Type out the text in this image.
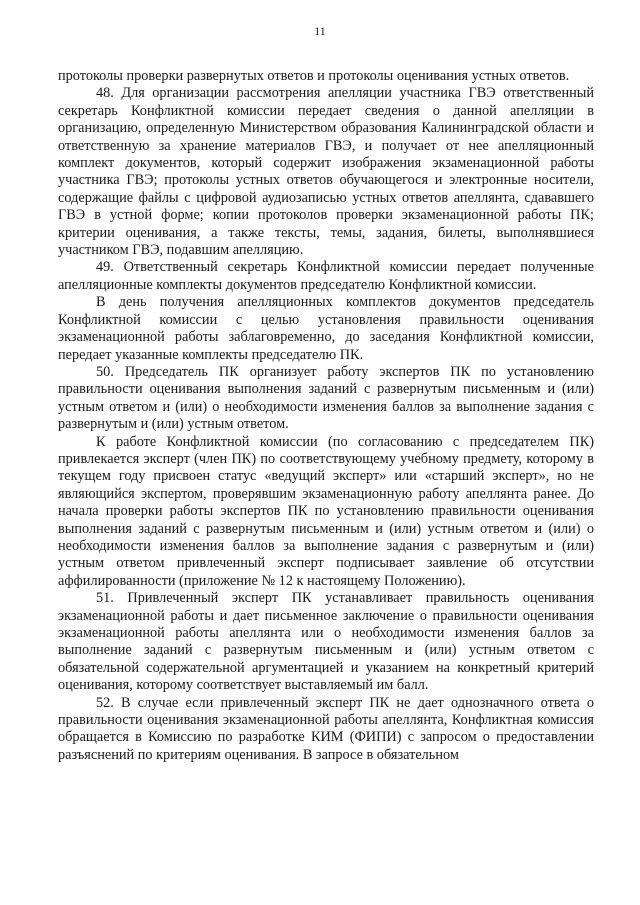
11

протоколы проверки развернутых ответов и протоколы оценивания устных ответов.

48. Для организации рассмотрения апелляции участника ГВЭ ответственный секретарь Конфликтной комиссии передает сведения о данной апелляции в организацию, определенную Министерством образования Калининградской области и ответственную за хранение материалов ГВЭ, и получает от нее апелляционный комплект документов, который содержит изображения экзаменационной работы участника ГВЭ; протоколы устных ответов обучающегося и электронные носители, содержащие файлы с цифровой аудиозаписью устных ответов апеллянта, сдававшего ГВЭ в устной форме; копии протоколов проверки экзаменационной работы ПК; критерии оценивания, а также тексты, темы, задания, билеты, выполнявшиеся участником ГВЭ, подавшим апелляцию.

49. Ответственный секретарь Конфликтной комиссии передает полученные апелляционные комплекты документов председателю Конфликтной комиссии.

В день получения апелляционных комплектов документов председатель Конфликтной комиссии с целью установления правильности оценивания экзаменационной работы заблаговременно, до заседания Конфликтной комиссии, передает указанные комплекты председателю ПК.

50. Председатель ПК организует работу экспертов ПК по установлению правильности оценивания выполнения заданий с развернутым письменным и (или) устным ответом и (или) о необходимости изменения баллов за выполнение задания с развернутым и (или) устным ответом.

К работе Конфликтной комиссии (по согласованию с председателем ПК) привлекается эксперт (член ПК) по соответствующему учебному предмету, которому в текущем году присвоен статус «ведущий эксперт» или «старший эксперт», но не являющийся экспертом, проверявшим экзаменационную работу апеллянта ранее. До начала проверки работы экспертов ПК по установлению правильности оценивания выполнения заданий с развернутым письменным и (или) устным ответом и (или) о необходимости изменения баллов за выполнение задания с развернутым и (или) устным ответом привлеченный эксперт подписывает заявление об отсутствии аффилированности (приложение № 12 к настоящему Положению).

51. Привлеченный эксперт ПК устанавливает правильность оценивания экзаменационной работы и дает письменное заключение о правильности оценивания экзаменационной работы апеллянта или о необходимости изменения баллов за выполнение заданий с развернутым письменным и (или) устным ответом с обязательной содержательной аргументацией и указанием на конкретный критерий оценивания, которому соответствует выставляемый им балл.

52. В случае если привлеченный эксперт ПК не дает однозначного ответа о правильности оценивания экзаменационной работы апеллянта, Конфликтная комиссия обращается в Комиссию по разработке КИМ (ФИПИ) с запросом о предоставлении разъяснений по критериям оценивания. В запросе в обязательном
